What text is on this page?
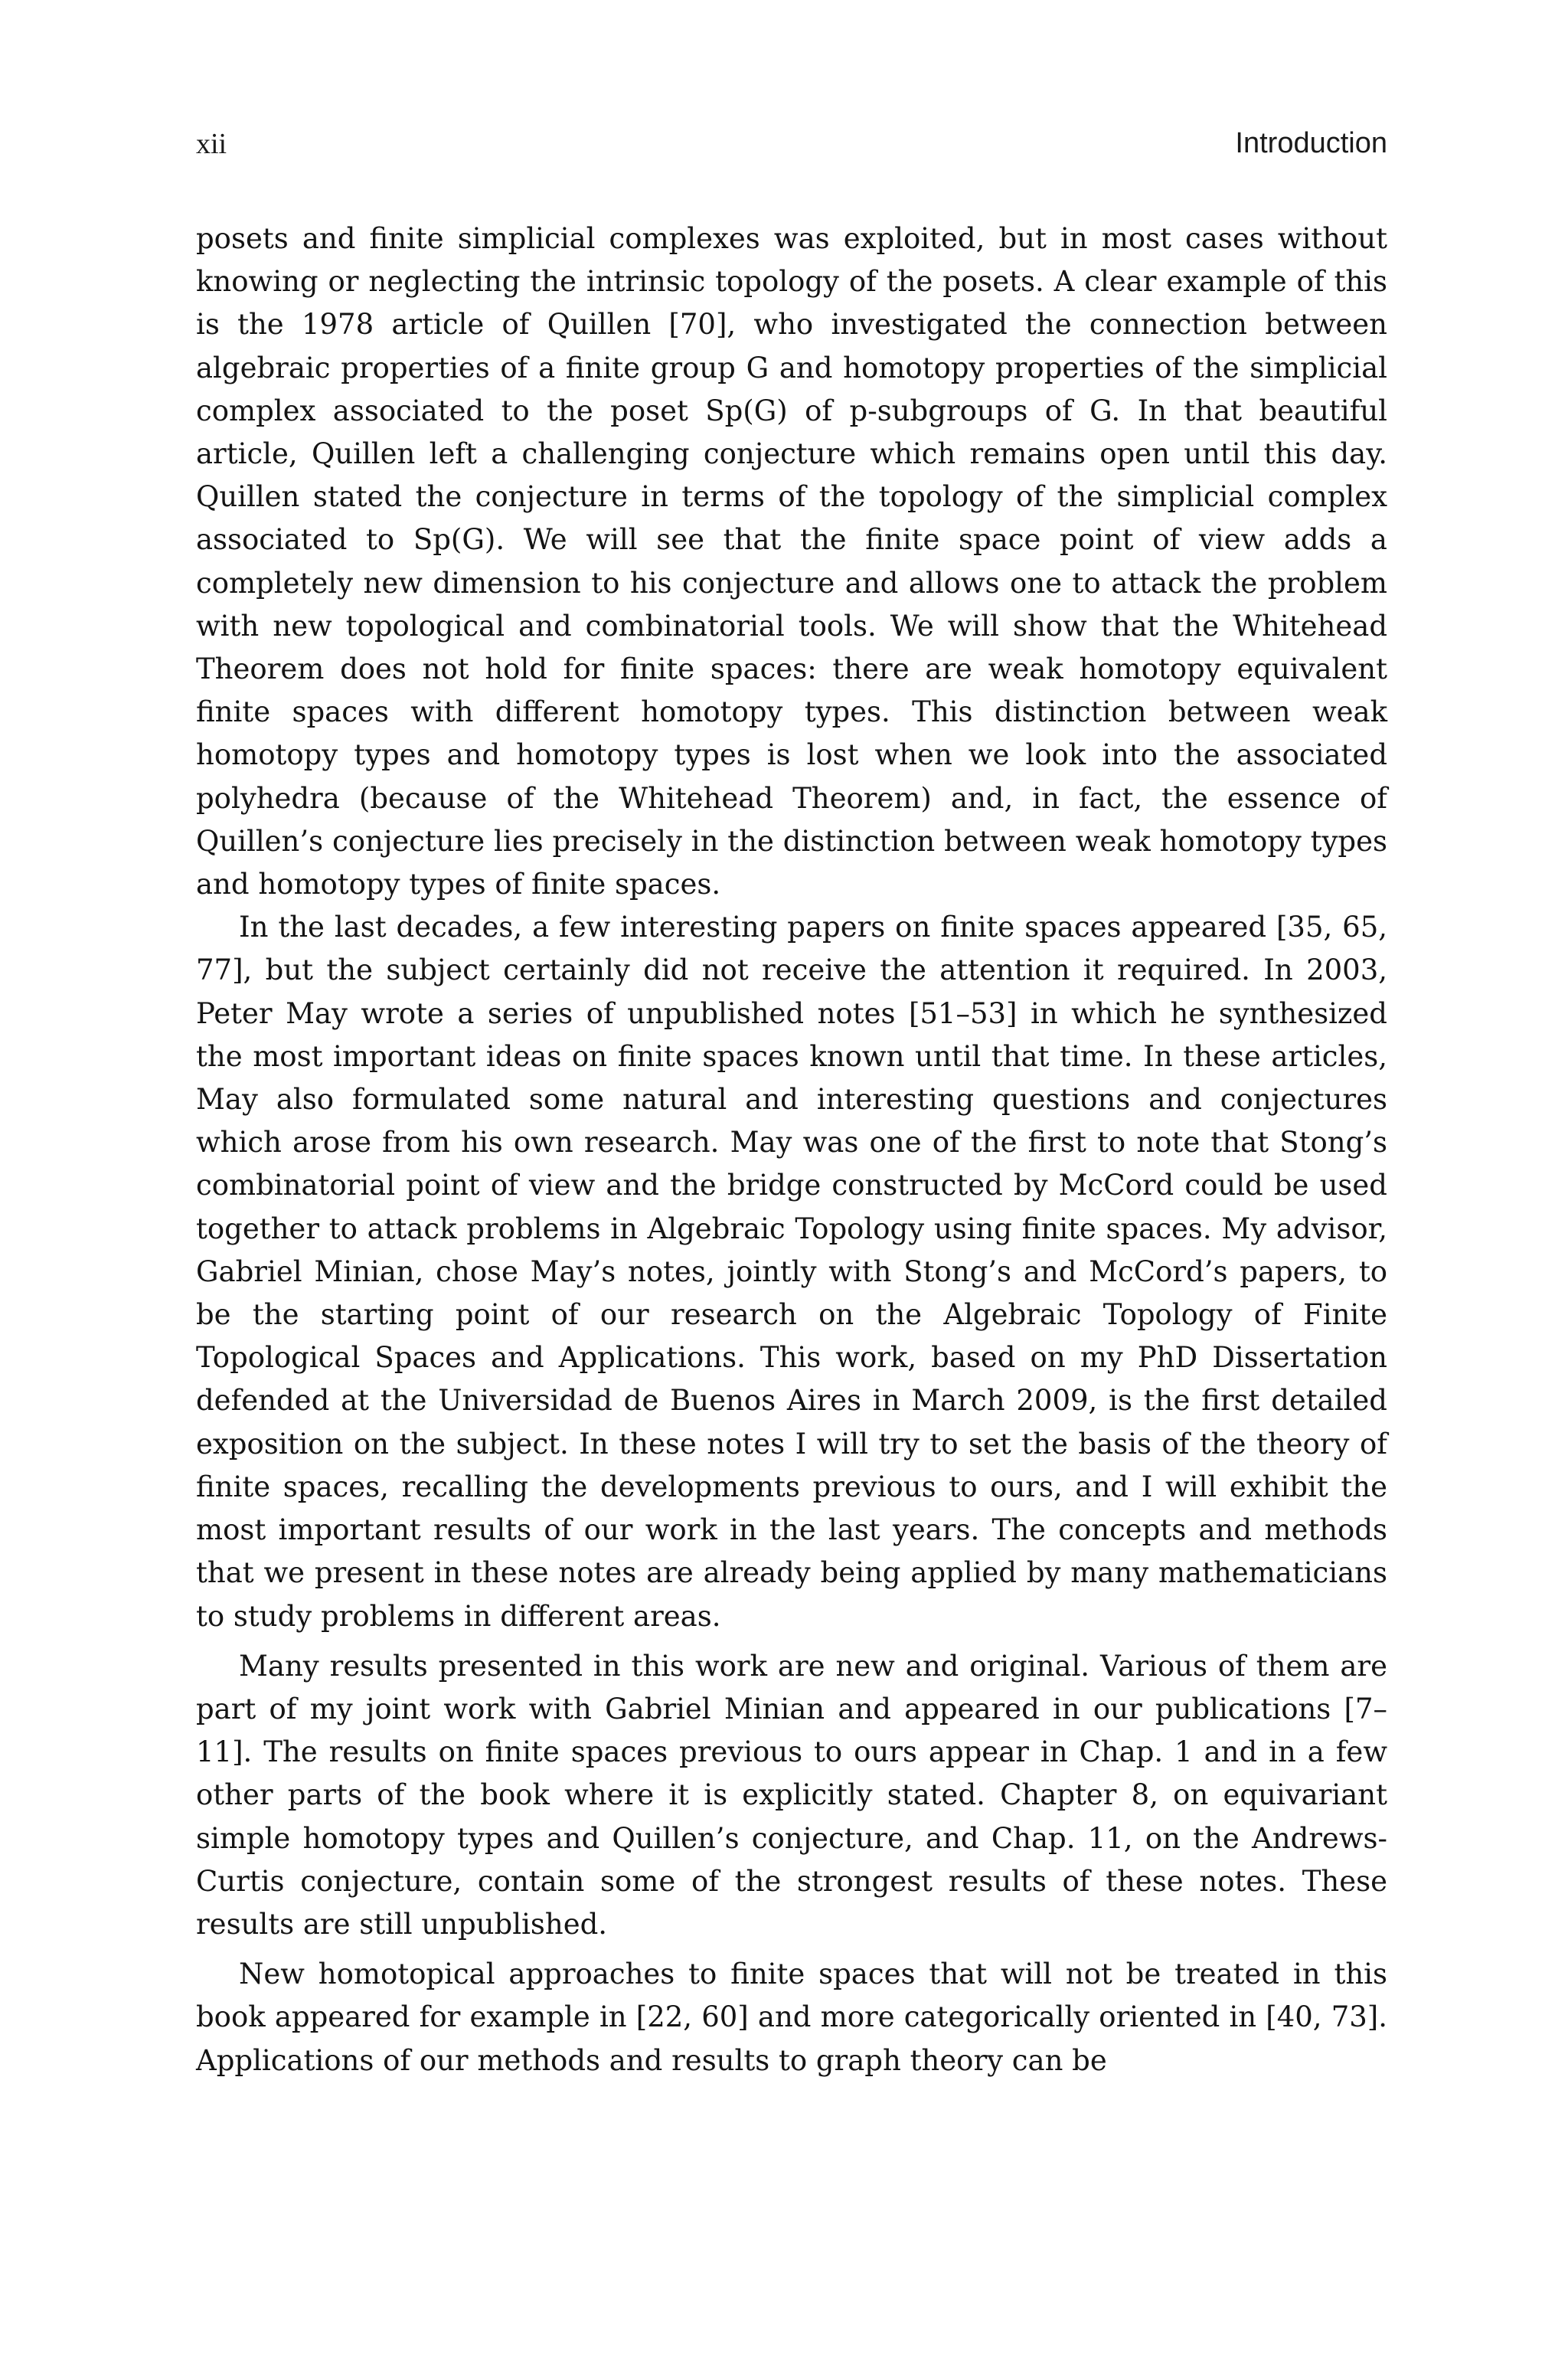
xii	Introduction

posets and finite simplicial complexes was exploited, but in most cases without knowing or neglecting the intrinsic topology of the posets. A clear example of this is the 1978 article of Quillen [70], who investigated the connection between algebraic properties of a finite group G and homotopy properties of the simplicial complex associated to the poset Sp(G) of p-subgroups of G. In that beautiful article, Quillen left a challenging conjecture which remains open until this day. Quillen stated the conjecture in terms of the topology of the simplicial complex associated to Sp(G). We will see that the finite space point of view adds a completely new dimension to his conjecture and allows one to attack the problem with new topological and combinatorial tools. We will show that the Whitehead Theorem does not hold for finite spaces: there are weak homotopy equivalent finite spaces with different homotopy types. This distinction between weak homotopy types and homotopy types is lost when we look into the associated polyhedra (because of the Whitehead Theorem) and, in fact, the essence of Quillen’s conjecture lies precisely in the distinction between weak homotopy types and homotopy types of finite spaces.

In the last decades, a few interesting papers on finite spaces appeared [35, 65, 77], but the subject certainly did not receive the attention it required. In 2003, Peter May wrote a series of unpublished notes [51–53] in which he synthesized the most important ideas on finite spaces known until that time. In these articles, May also formulated some natural and interesting questions and conjectures which arose from his own research. May was one of the first to note that Stong’s combinatorial point of view and the bridge constructed by McCord could be used together to attack problems in Algebraic Topology using finite spaces. My advisor, Gabriel Minian, chose May’s notes, jointly with Stong’s and McCord’s papers, to be the starting point of our research on the Algebraic Topology of Finite Topological Spaces and Applications. This work, based on my PhD Dissertation defended at the Universidad de Buenos Aires in March 2009, is the first detailed exposition on the subject. In these notes I will try to set the basis of the theory of finite spaces, recalling the developments previous to ours, and I will exhibit the most important results of our work in the last years. The concepts and methods that we present in these notes are already being applied by many mathematicians to study problems in different areas.

Many results presented in this work are new and original. Various of them are part of my joint work with Gabriel Minian and appeared in our publications [7–11]. The results on finite spaces previous to ours appear in Chap. 1 and in a few other parts of the book where it is explicitly stated. Chapter 8, on equivariant simple homotopy types and Quillen’s conjecture, and Chap. 11, on the Andrews-Curtis conjecture, contain some of the strongest results of these notes. These results are still unpublished.

New homotopical approaches to finite spaces that will not be treated in this book appeared for example in [22, 60] and more categorically oriented in [40, 73]. Applications of our methods and results to graph theory can be
